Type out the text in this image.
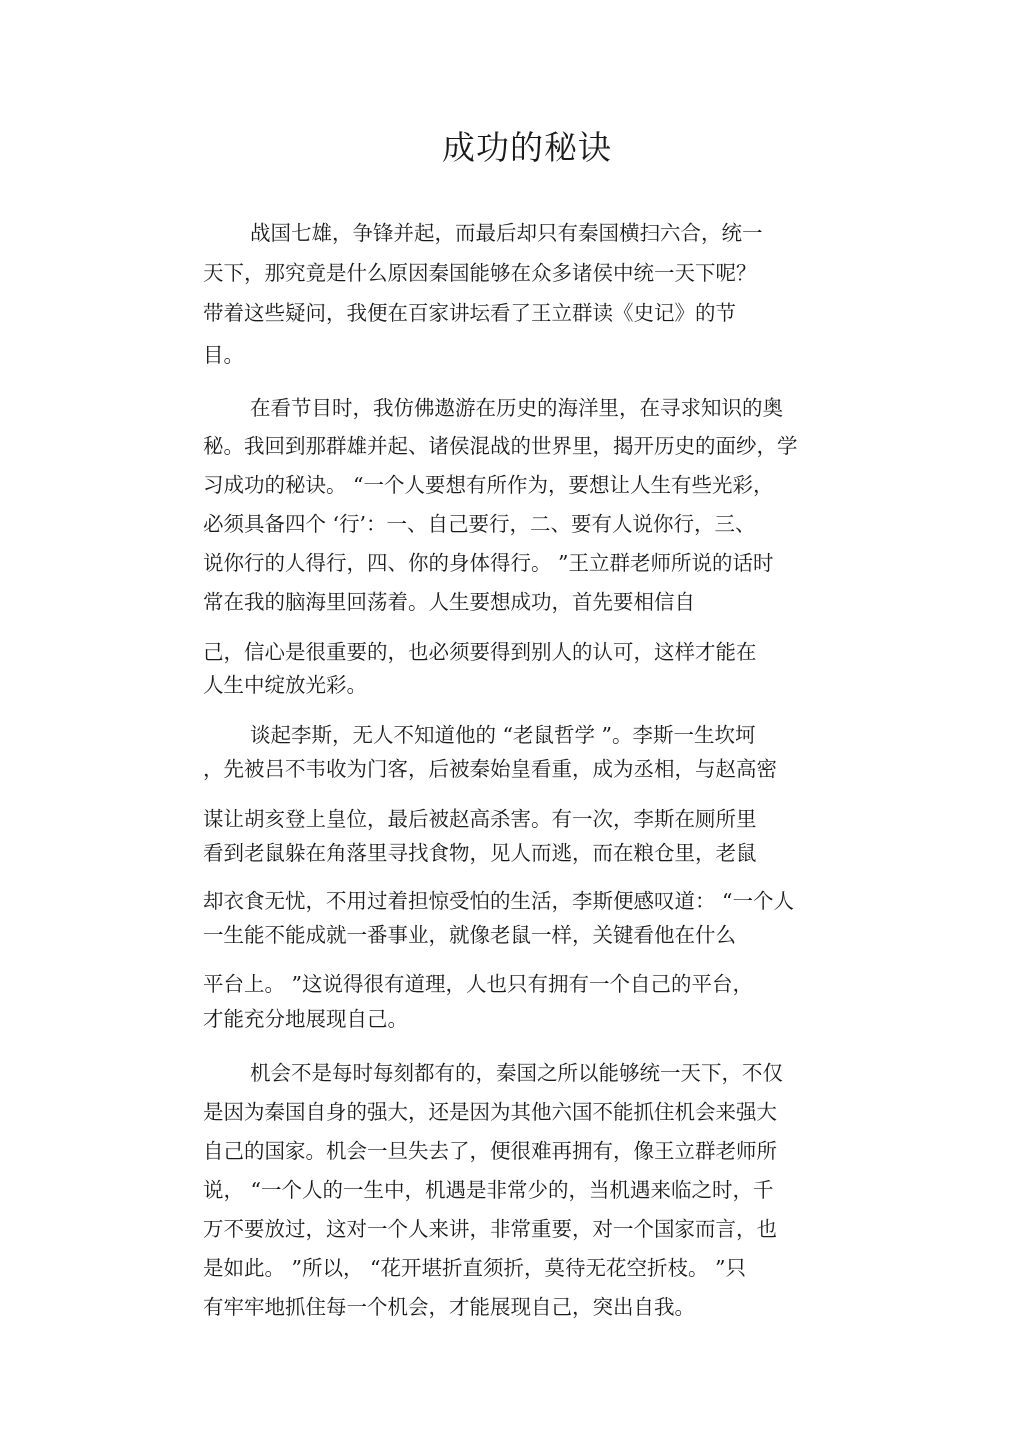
成功的秘诀

战国七雄，争锋并起，而最后却只有秦国横扫六合，统一

天下，那究竟是什么原因秦国能够在众多诸侯中统一天下呢？

带着这些疑问，我便在百家讲坛看了王立群读《史记》的节

目。

在看节目时，我仿佛遨游在历史的海洋里，在寻求知识的奥

秘。我回到那群雄并起、诸侯混战的世界里，揭开历史的面纱，学

习成功的秘诀。 “一个人要想有所作为，要想让人生有些光彩，

必须具备四个 ‘行’：一、自己要行，二、要有人说你行，三、

说你行的人得行，四、你的身体得行。 ”王立群老师所说的话时

常在我的脑海里回荡着。人生要想成功，首先要相信自

己，信心是很重要的，也必须要得到别人的认可，这样才能在

人生中绽放光彩。

谈起李斯，无人不知道他的 “老鼠哲学 ”。李斯一生坎坷

，先被吕不韦收为门客，后被秦始皇看重，成为丞相，与赵高密

谋让胡亥登上皇位，最后被赵高杀害。有一次，李斯在厕所里

看到老鼠躲在角落里寻找食物，见人而逃，而在粮仓里，老鼠

却衣食无忧，不用过着担惊受怕的生活，李斯便感叹道： “一个人

一生能不能成就一番事业，就像老鼠一样，关键看他在什么

平台上。 ”这说得很有道理，人也只有拥有一个自己的平台，

才能充分地展现自己。

机会不是每时每刻都有的，秦国之所以能够统一天下，不仅

是因为秦国自身的强大，还是因为其他六国不能抓住机会来强大

自己的国家。机会一旦失去了，便很难再拥有，像王立群老师所

说， “一个人的一生中，机遇是非常少的，当机遇来临之时，千

万不要放过，这对一个人来讲，非常重要，对一个国家而言，也

是如此。 ”所以， “花开堪折直须折，莫待无花空折枝。 ”只

有牢牢地抓住每一个机会，才能展现自己，突出自我。
